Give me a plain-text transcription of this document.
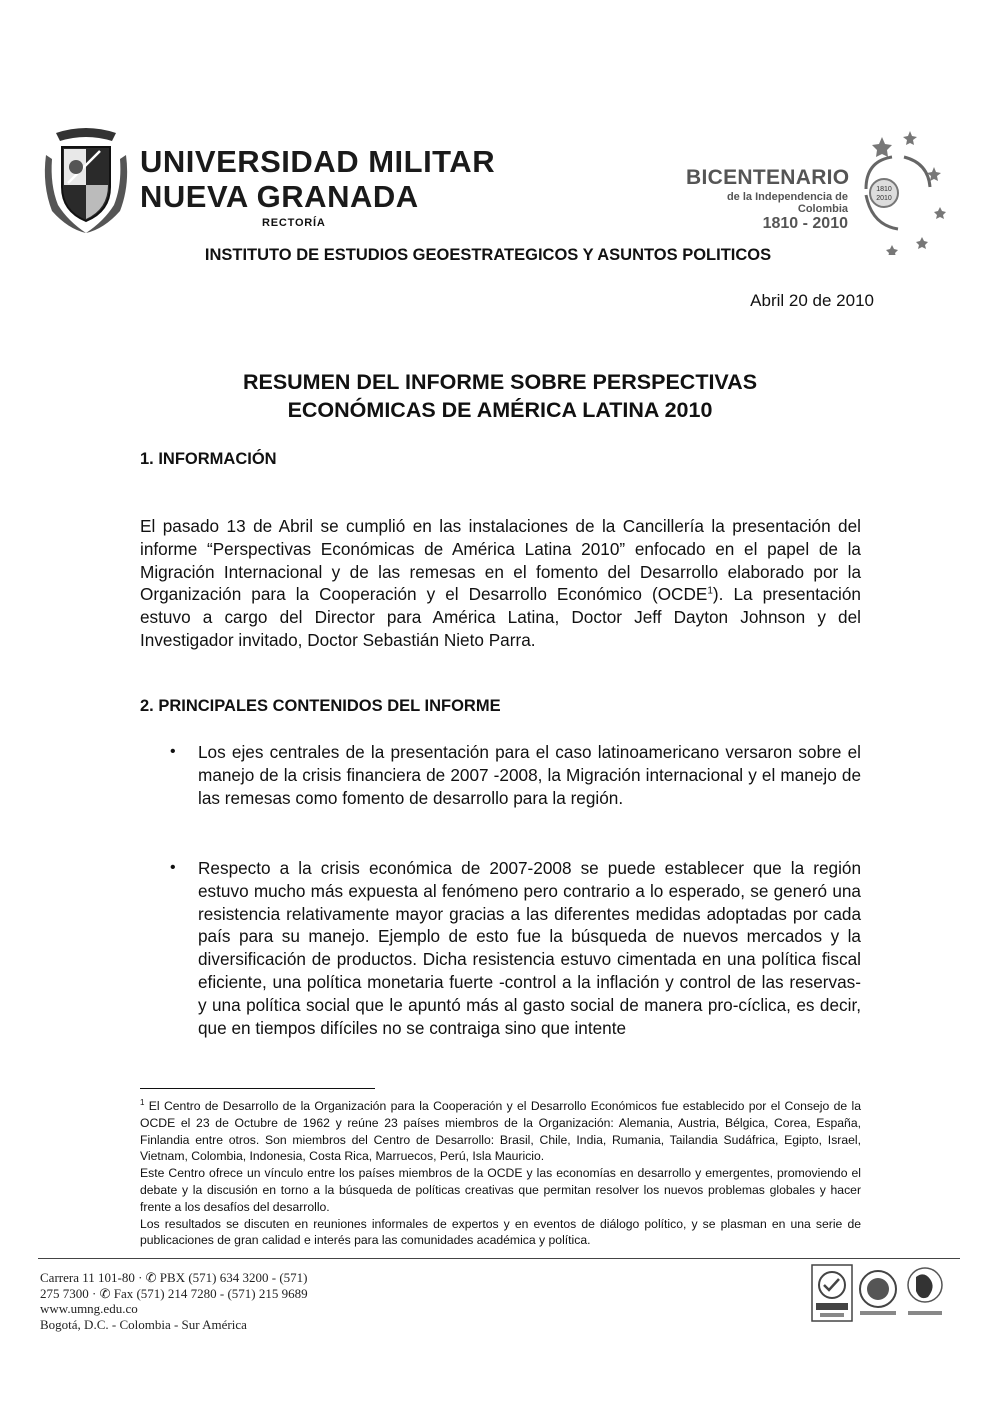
UNIVERSIDAD MILITAR
NUEVA GRANADA
RECTORÍA
BICENTENARIO
de la Independencia de Colombia
1810 - 2010
1810
2010
INSTITUTO DE ESTUDIOS GEOESTRATEGICOS Y ASUNTOS POLITICOS
Abril 20 de 2010
RESUMEN DEL INFORME SOBRE PERSPECTIVAS
ECONÓMICAS DE AMÉRICA LATINA 2010
1. INFORMACIÓN
El pasado 13 de Abril se cumplió en las instalaciones de la Cancillería la presentación del informe “Perspectivas Económicas de América Latina 2010” enfocado en el papel de la Migración Internacional y de las remesas en el fomento del Desarrollo elaborado por la Organización para la Cooperación y el Desarrollo Económico (OCDE$^1$). La presentación estuvo a cargo del Director para América Latina, Doctor Jeff Dayton Johnson y del Investigador invitado, Doctor Sebastián Nieto Parra.
2. PRINCIPALES CONTENIDOS DEL INFORME
• Los ejes centrales de la presentación para el caso latinoamericano versaron sobre el manejo de la crisis financiera de 2007 -2008, la Migración internacional y el manejo de las remesas como fomento de desarrollo para la región.
• Respecto a la crisis económica de 2007-2008 se puede establecer que la región estuvo mucho más expuesta al fenómeno pero contrario a lo esperado, se generó una resistencia relativamente mayor gracias a las diferentes medidas adoptadas por cada país para su manejo. Ejemplo de esto fue la búsqueda de nuevos mercados y la diversificación de productos. Dicha resistencia estuvo cimentada en una política fiscal eficiente, una política monetaria fuerte -control a la inflación y control de las reservas- y una política social que le apuntó más al gasto social de manera pro-cíclica, es decir, que en tiempos difíciles no se contraiga sino que intente

$^1$ El Centro de Desarrollo de la Organización para la Cooperación y el Desarrollo Económicos fue establecido por el Consejo de la OCDE el 23 de Octubre de 1962 y reúne 23 países miembros de la Organización: Alemania, Austria, Bélgica, Corea, España, Finlandia entre otros. Son miembros del Centro de Desarrollo: Brasil, Chile, India, Rumania, Tailandia Sudáfrica, Egipto, Israel, Vietnam, Colombia, Indonesia, Costa Rica, Marruecos, Perú, Isla Mauricio.

Este Centro ofrece un vínculo entre los países miembros de la OCDE y las economías en desarrollo y emergentes, promoviendo el debate y la discusión en torno a la búsqueda de políticas creativas que permitan resolver los nuevos problemas globales y hacer frente a los desafíos del desarrollo.

Los resultados se discuten en reuniones informales de expertos y en eventos de diálogo político, y se plasman en una serie de publicaciones de gran calidad e interés para las comunidades académica y política.

Carrera 11 101-80 · ✆ PBX (571) 634 3200 - (571)
275 7300 · ✆ Fax (571) 214 7280 - (571) 215 9689
www.umng.edu.co
Bogotá, D.C. - Colombia - Sur América
